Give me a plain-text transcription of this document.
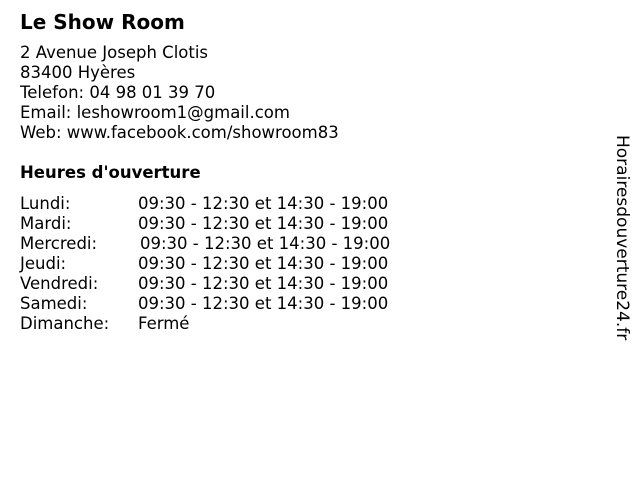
Le Show Room
2 Avenue Joseph Clotis
83400 Hyères
Telefon: 04 98 01 39 70
Email: leshowroom1@gmail.com
Web: www.facebook.com/showroom83
Heures d'ouverture
Lundi:	09:30 - 12:30 et 14:30 - 19:00
Mardi:	09:30 - 12:30 et 14:30 - 19:00
Mercredi:	09:30 - 12:30 et 14:30 - 19:00
Jeudi:	09:30 - 12:30 et 14:30 - 19:00
Vendredi: 09:30 - 12:30 et 14:30 - 19:00
Samedi:	09:30 - 12:30 et 14:30 - 19:00
Dimanche: Fermé	Horairesdouverture24.fr
